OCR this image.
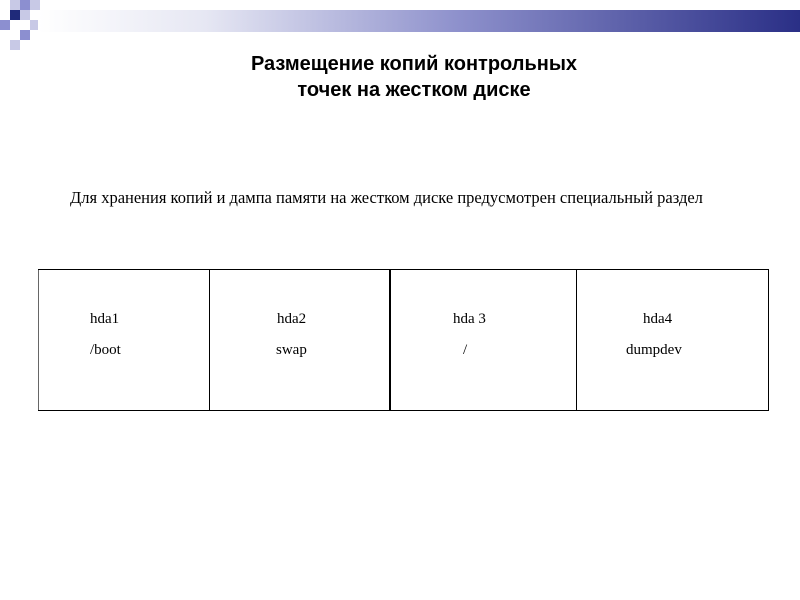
Размещение копий контрольных
точек на жестком диске
Для хранения копий и дампа памяти на жестком диске предусмотрен специальный раздел
hda1
/boot
hda2
swap
hda 3
/
hda4
dumpdev
